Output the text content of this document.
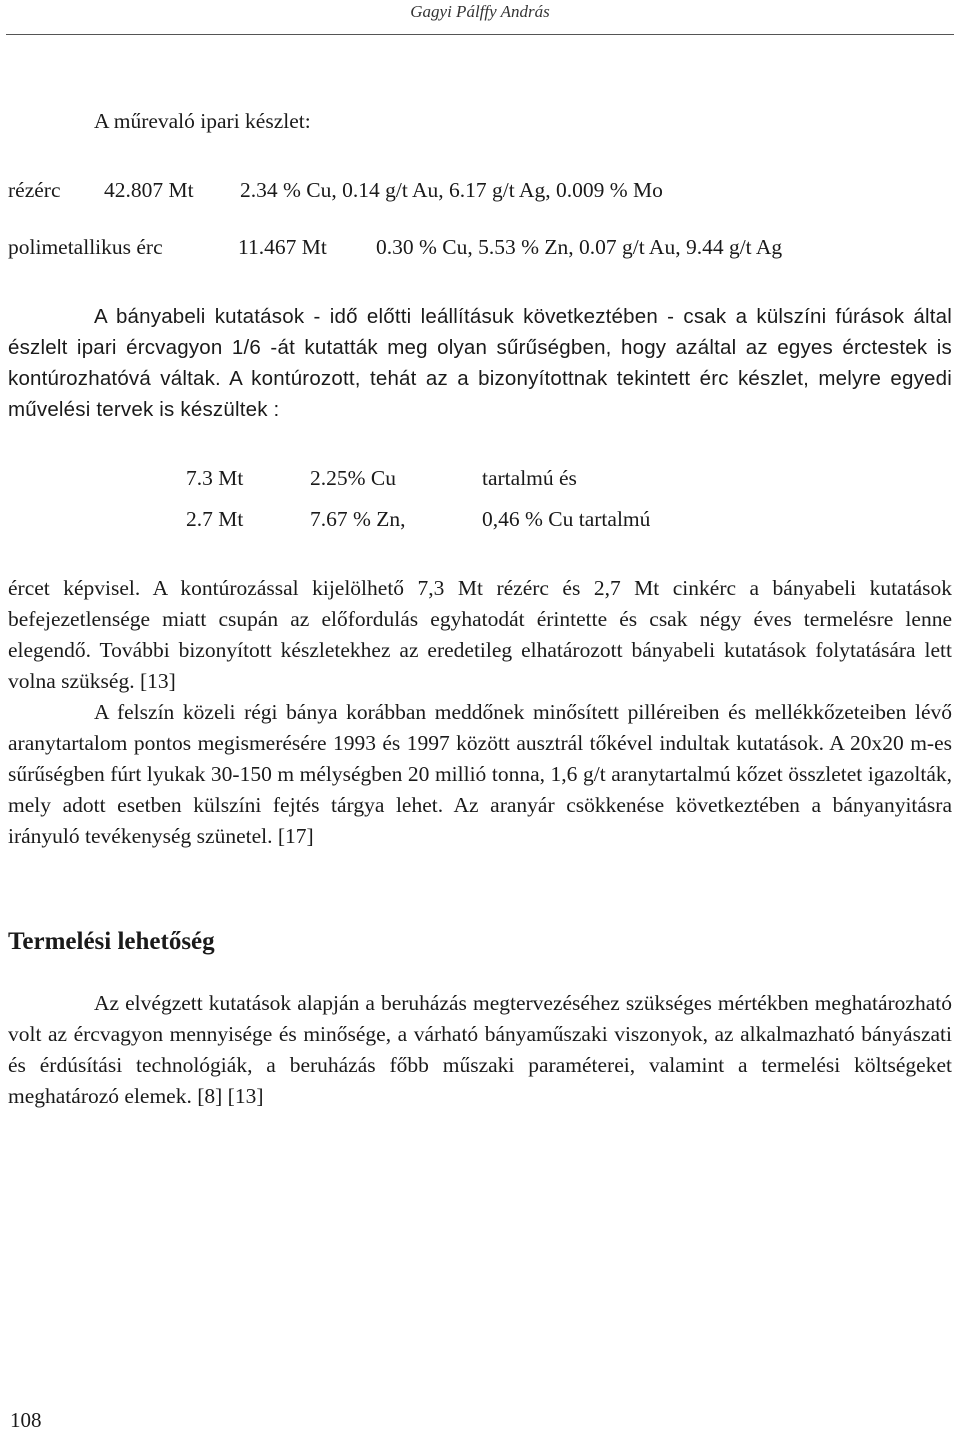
Gagyi Pálffy András

A műrevaló ipari készlet:

rézérc 42.807 Mt 2.34 % Cu, 0.14 g/t Au, 6.17 g/t Ag, 0.009 % Mo
polimetallikus érc	11.467 Mt 0.30 % Cu, 5.53 % Zn, 0.07 g/t Au, 9.44 g/t Ag

A bányabeli kutatások - idő előtti leállításuk következtében - csak a külszíni fúrások által észlelt ipari ércvagyon 1/6 -át kutatták meg olyan sűrűségben, hogy azáltal az egyes érctestek is kontúrozhatóvá váltak. A kontúrozott, tehát az a bizonyítottnak tekintett érc készlet, melyre egyedi művelési tervek is készültek :

7.3 Mt	2.25% Cu	tartalmú és
2.7 Mt	7.67 % Zn,	0,46 % Cu tartalmú

ércet képvisel. A kontúrozással kijelölhető 7,3 Mt rézérc és 2,7 Mt cinkérc a bányabeli kutatások befejezetlensége miatt csupán az előfordulás egyhatodát érintette és csak négy éves termelésre lenne elegendő. További bizonyított készletekhez az eredetileg elhatározott bányabeli kutatások folytatására lett volna szükség. [13]

A felszín közeli régi bánya korábban meddőnek minősített pilléreiben és mellékkőzeteiben lévő aranytartalom pontos megismerésére 1993 és 1997 között ausztrál tőkével indultak kutatások. A 20x20 m-es sűrűségben fúrt lyukak 30-150 m mélységben 20 millió tonna, 1,6 g/t aranytartalmú kőzet összletet igazolták, mely adott esetben külszíni fejtés tárgya lehet. Az aranyár csökkenése következtében a bányanyitásra irányuló tevékenység szünetel. [17]

Termelési lehetőség

Az elvégzett kutatások alapján a beruházás megtervezéséhez szükséges mértékben meghatározható volt az ércvagyon mennyisége és minősége, a várható bányaműszaki viszonyok, az alkalmazható bányászati és érdúsítási technológiák, a beruházás főbb műszaki paraméterei, valamint a termelési költségeket meghatározó elemek. [8] [13]

108
